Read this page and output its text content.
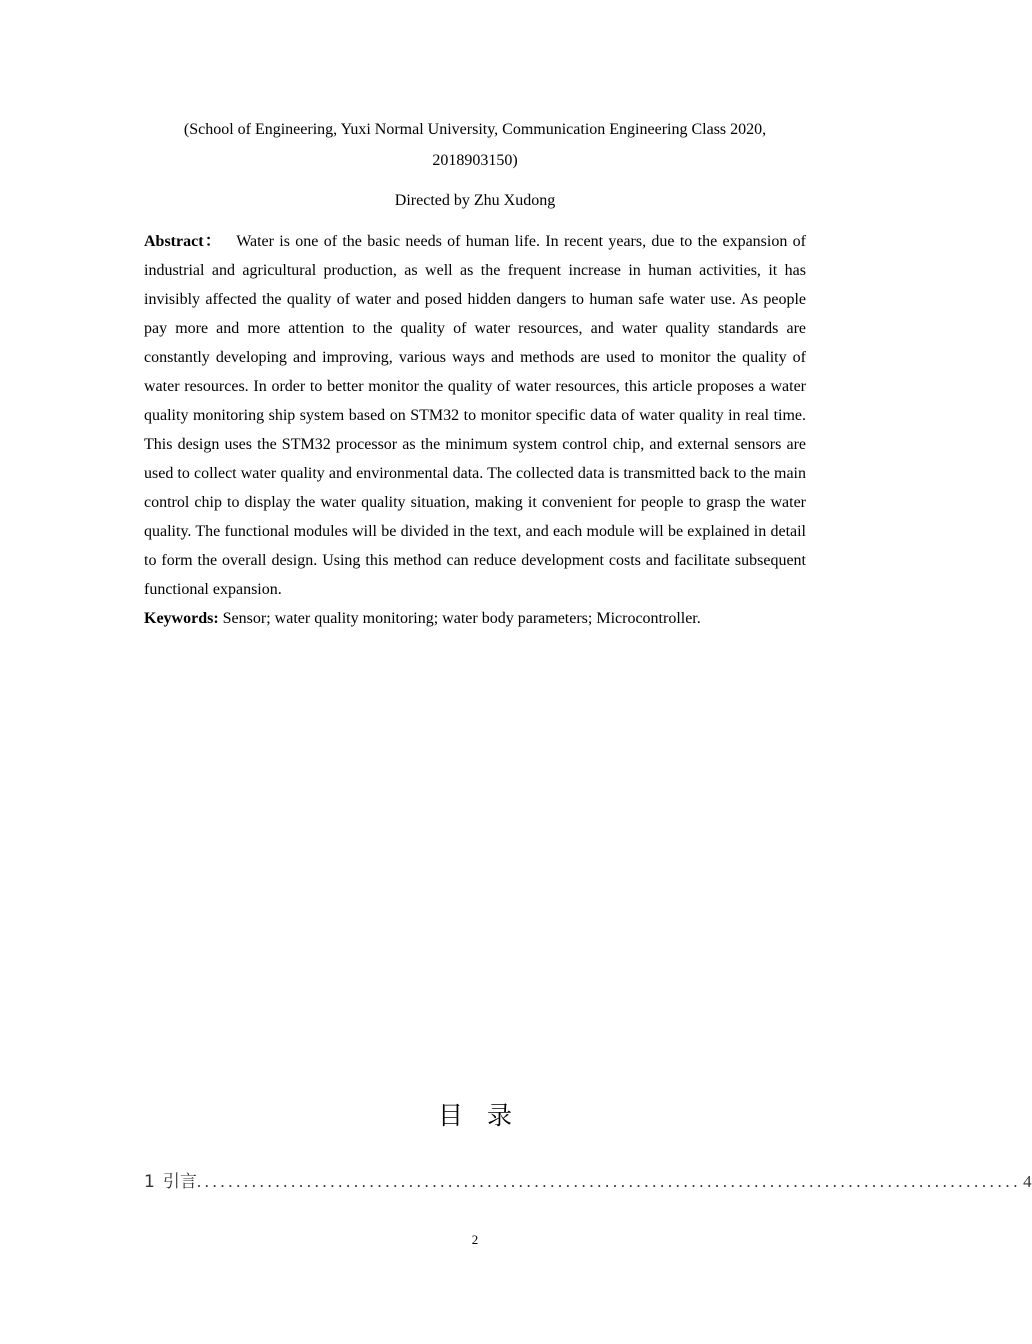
(School of Engineering, Yuxi Normal University, Communication Engineering Class 2020, 2018903150)
Directed by Zhu Xudong

Abstract： Water is one of the basic needs of human life. In recent years, due to the expansion of industrial and agricultural production, as well as the frequent increase in human activities, it has invisibly affected the quality of water and posed hidden dangers to human safe water use. As people pay more and more attention to the quality of water resources, and water quality standards are constantly developing and improving, various ways and methods are used to monitor the quality of water resources. In order to better monitor the quality of water resources, this article proposes a water quality monitoring ship system based on STM32 to monitor specific data of water quality in real time. This design uses the STM32 processor as the minimum system control chip, and external sensors are used to collect water quality and environmental data. The collected data is transmitted back to the main control chip to display the water quality situation, making it convenient for people to grasp the water quality. The functional modules will be divided in the text, and each module will be explained in detail to form the overall design. Using this method can reduce development costs and facilitate subsequent functional expansion.

Keywords: Sensor; water quality monitoring; water body parameters; Microcontroller.

目录
1 引言 ......................................................................................................... 4
2
